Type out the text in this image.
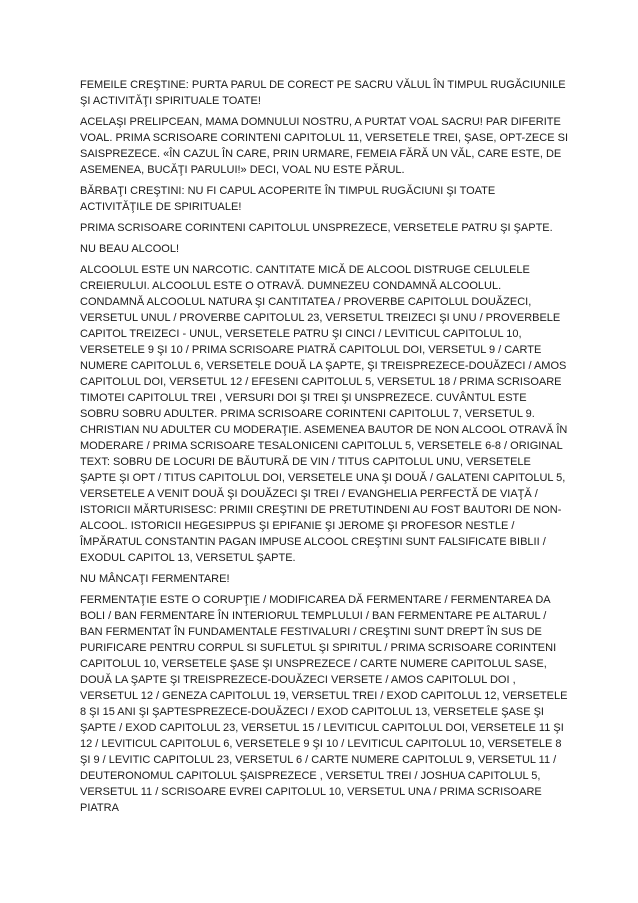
FEMEILE CREŞTINE: PURTA PARUL DE CORECT PE SACRU VĂLUL ÎN TIMPUL RUGĂCIUNILE ŞI ACTIVITĂŢI SPIRITUALE TOATE!

ACELAŞI PRELIPCEAN, MAMA DOMNULUI NOSTRU, A PURTAT VOAL SACRU! PAR DIFERITE VOAL. PRIMA SCRISOARE CORINTENI CAPITOLUL 11, VERSETELE TREI, ŞASE, OPT-ZECE SI SAISPREZECE. «ÎN CAZUL ÎN CARE, PRIN URMARE, FEMEIA FĂRĂ UN VĂL, CARE ESTE, DE ASEMENEA, BUCĂŢI PARULUI!» DECI, VOAL NU ESTE PĂRUL.

BĂRBAŢI CREŞTINI: NU FI CAPUL ACOPERITE ÎN TIMPUL RUGĂCIUNI ŞI TOATE ACTIVITĂŢILE DE SPIRITUALE!

PRIMA SCRISOARE CORINTENI CAPITOLUL UNSPREZECE, VERSETELE PATRU ŞI ŞAPTE.

NU BEAU ALCOOL!

ALCOOLUL ESTE UN NARCOTIC. CANTITATE MICĂ DE ALCOOL DISTRUGE CELULELE CREIERULUI. ALCOOLUL ESTE O OTRAVĂ. DUMNEZEU CONDAMNĂ ALCOOLUL. CONDAMNĂ ALCOOLUL NATURA ŞI CANTITATEA / PROVERBE CAPITOLUL DOUĂZECI, VERSETUL UNUL / PROVERBE CAPITOLUL 23, VERSETUL TREIZECI ŞI UNU / PROVERBELE CAPITOL TREIZECI - UNUL, VERSETELE PATRU ŞI CINCI / LEVITICUL CAPITOLUL 10, VERSETELE 9 ŞI 10 / PRIMA SCRISOARE PIATRĂ CAPITOLUL DOI, VERSETUL 9 / CARTE NUMERE CAPITOLUL 6, VERSETELE DOUĂ LA ŞAPTE, ŞI TREISPREZECE-DOUĂZECI / AMOS CAPITOLUL DOI, VERSETUL 12 / EFESENI CAPITOLUL 5, VERSETUL 18 / PRIMA SCRISOARE TIMOTEI CAPITOLUL TREI , VERSURI DOI ŞI TREI ŞI UNSPREZECE. CUVÂNTUL ESTE SOBRU SOBRU ADULTER. PRIMA SCRISOARE CORINTENI CAPITOLUL 7, VERSETUL 9. CHRISTIAN NU ADULTER CU MODERAŢIE. ASEMENEA BAUTOR DE NON ALCOOL OTRAVĂ ÎN MODERARE / PRIMA SCRISOARE TESALONICENI CAPITOLUL 5, VERSETELE 6-8 / ORIGINAL TEXT: SOBRU DE LOCURI DE BĂUTURĂ DE VIN / TITUS CAPITOLUL UNU, VERSETELE ŞAPTE ŞI OPT / TITUS CAPITOLUL DOI, VERSETELE UNA ŞI DOUĂ / GALATENI CAPITOLUL 5, VERSETELE A VENIT DOUĂ ŞI DOUĂZECI ŞI TREI / EVANGHELIA PERFECTĂ DE VIAŢĂ / ISTORICII MĂRTURISESC: PRIMII CREŞTINI DE PRETUTINDENI AU FOST BAUTORI DE NON-ALCOOL. ISTORICII HEGESIPPUS ŞI EPIFANIE ŞI JEROME ŞI PROFESOR NESTLE / ÎMPĂRATUL CONSTANTIN PAGAN IMPUSE ALCOOL CREŞTINI SUNT FALSIFICATE BIBLII / EXODUL CAPITOL 13, VERSETUL ŞAPTE.

NU MÂNCAŢI FERMENTARE!

FERMENTAŢIE ESTE O CORUPŢIE / MODIFICAREA DĂ FERMENTARE / FERMENTAREA DA BOLI / BAN FERMENTARE ÎN INTERIORUL TEMPLULUI / BAN FERMENTARE PE ALTARUL / BAN FERMENTAT ÎN FUNDAMENTALE FESTIVALURI / CREŞTINI SUNT DREPT ÎN SUS DE PURIFICARE PENTRU CORPUL SI SUFLETUL ŞI SPIRITUL / PRIMA SCRISOARE CORINTENI CAPITOLUL 10, VERSETELE ŞASE ŞI UNSPREZECE / CARTE NUMERE CAPITOLUL SASE, DOUĂ LA ŞAPTE ŞI TREISPREZECE-DOUĂZECI VERSETE / AMOS CAPITOLUL DOI , VERSETUL 12 / GENEZA CAPITOLUL 19, VERSETUL TREI / EXOD CAPITOLUL 12, VERSETELE 8 ŞI 15 ANI ŞI ŞAPTESPREZECE-DOUĂZECI / EXOD CAPITOLUL 13, VERSETELE ŞASE ŞI ŞAPTE / EXOD CAPITOLUL 23, VERSETUL 15 / LEVITICUL CAPITOLUL DOI, VERSETELE 11 ŞI 12 / LEVITICUL CAPITOLUL 6, VERSETELE 9 ŞI 10 / LEVITICUL CAPITOLUL 10, VERSETELE 8 ŞI 9 / LEVITIC CAPITOLUL 23, VERSETUL 6 / CARTE NUMERE CAPITOLUL 9, VERSETUL 11 / DEUTERONOMUL CAPITOLUL ŞAISPREZECE , VERSETUL TREI / JOSHUA CAPITOLUL 5, VERSETUL 11 / SCRISOARE EVREI CAPITOLUL 10, VERSETUL UNA / PRIMA SCRISOARE PIATRA
